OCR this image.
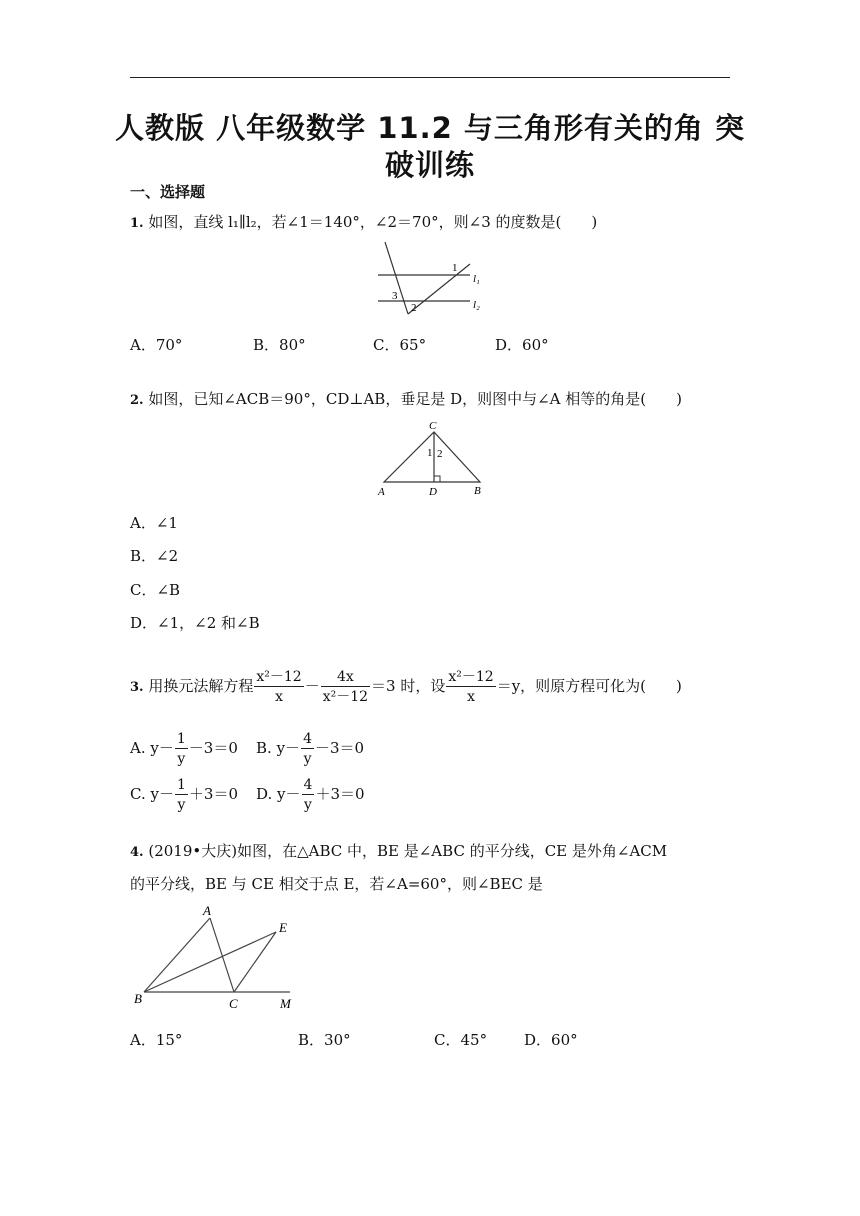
人教版 八年级数学 11.2 与三角形有关的角 突
破训练
一、选择题
1. 如图，直线 l₁∥l₂，若∠1＝140°，∠2＝70°，则∠3 的度数是(　　)
1
3
2
l₁
l₂
A．70°	B．80°	C．65°	D．60°
2. 如图，已知∠ACB＝90°，CD⊥AB，垂足是 D，则图中与∠A 相等的角是(　　)
C
1 2
A	D	B
A．∠1
B．∠2
C．∠B
D．∠1，∠2 和∠B
3. 用换元法解方程 $\frac{\text{x²－12}}{x} - \frac{4x}{\text{x²－12}} =3$ 时，设 $\frac{\text{x²－12}}{x} =y$，则原方程可化为(　　)
A. $y- \frac{1}{y} -3=0$ B. $y- \frac{4}{y} -3=0$
C. $y- \frac{1}{y} +3=0$ D. $y- \frac{4}{y} +3=0$
4. (2019•大庆)如图，在△ABC 中，BE 是∠ABC 的平分线，CE 是外角∠ACM
的平分线，BE 与 CE 相交于点 E，若∠A=60°，则∠BEC 是
A
E
B	C	M
A．15°	B．30°	C．45° D．60°
